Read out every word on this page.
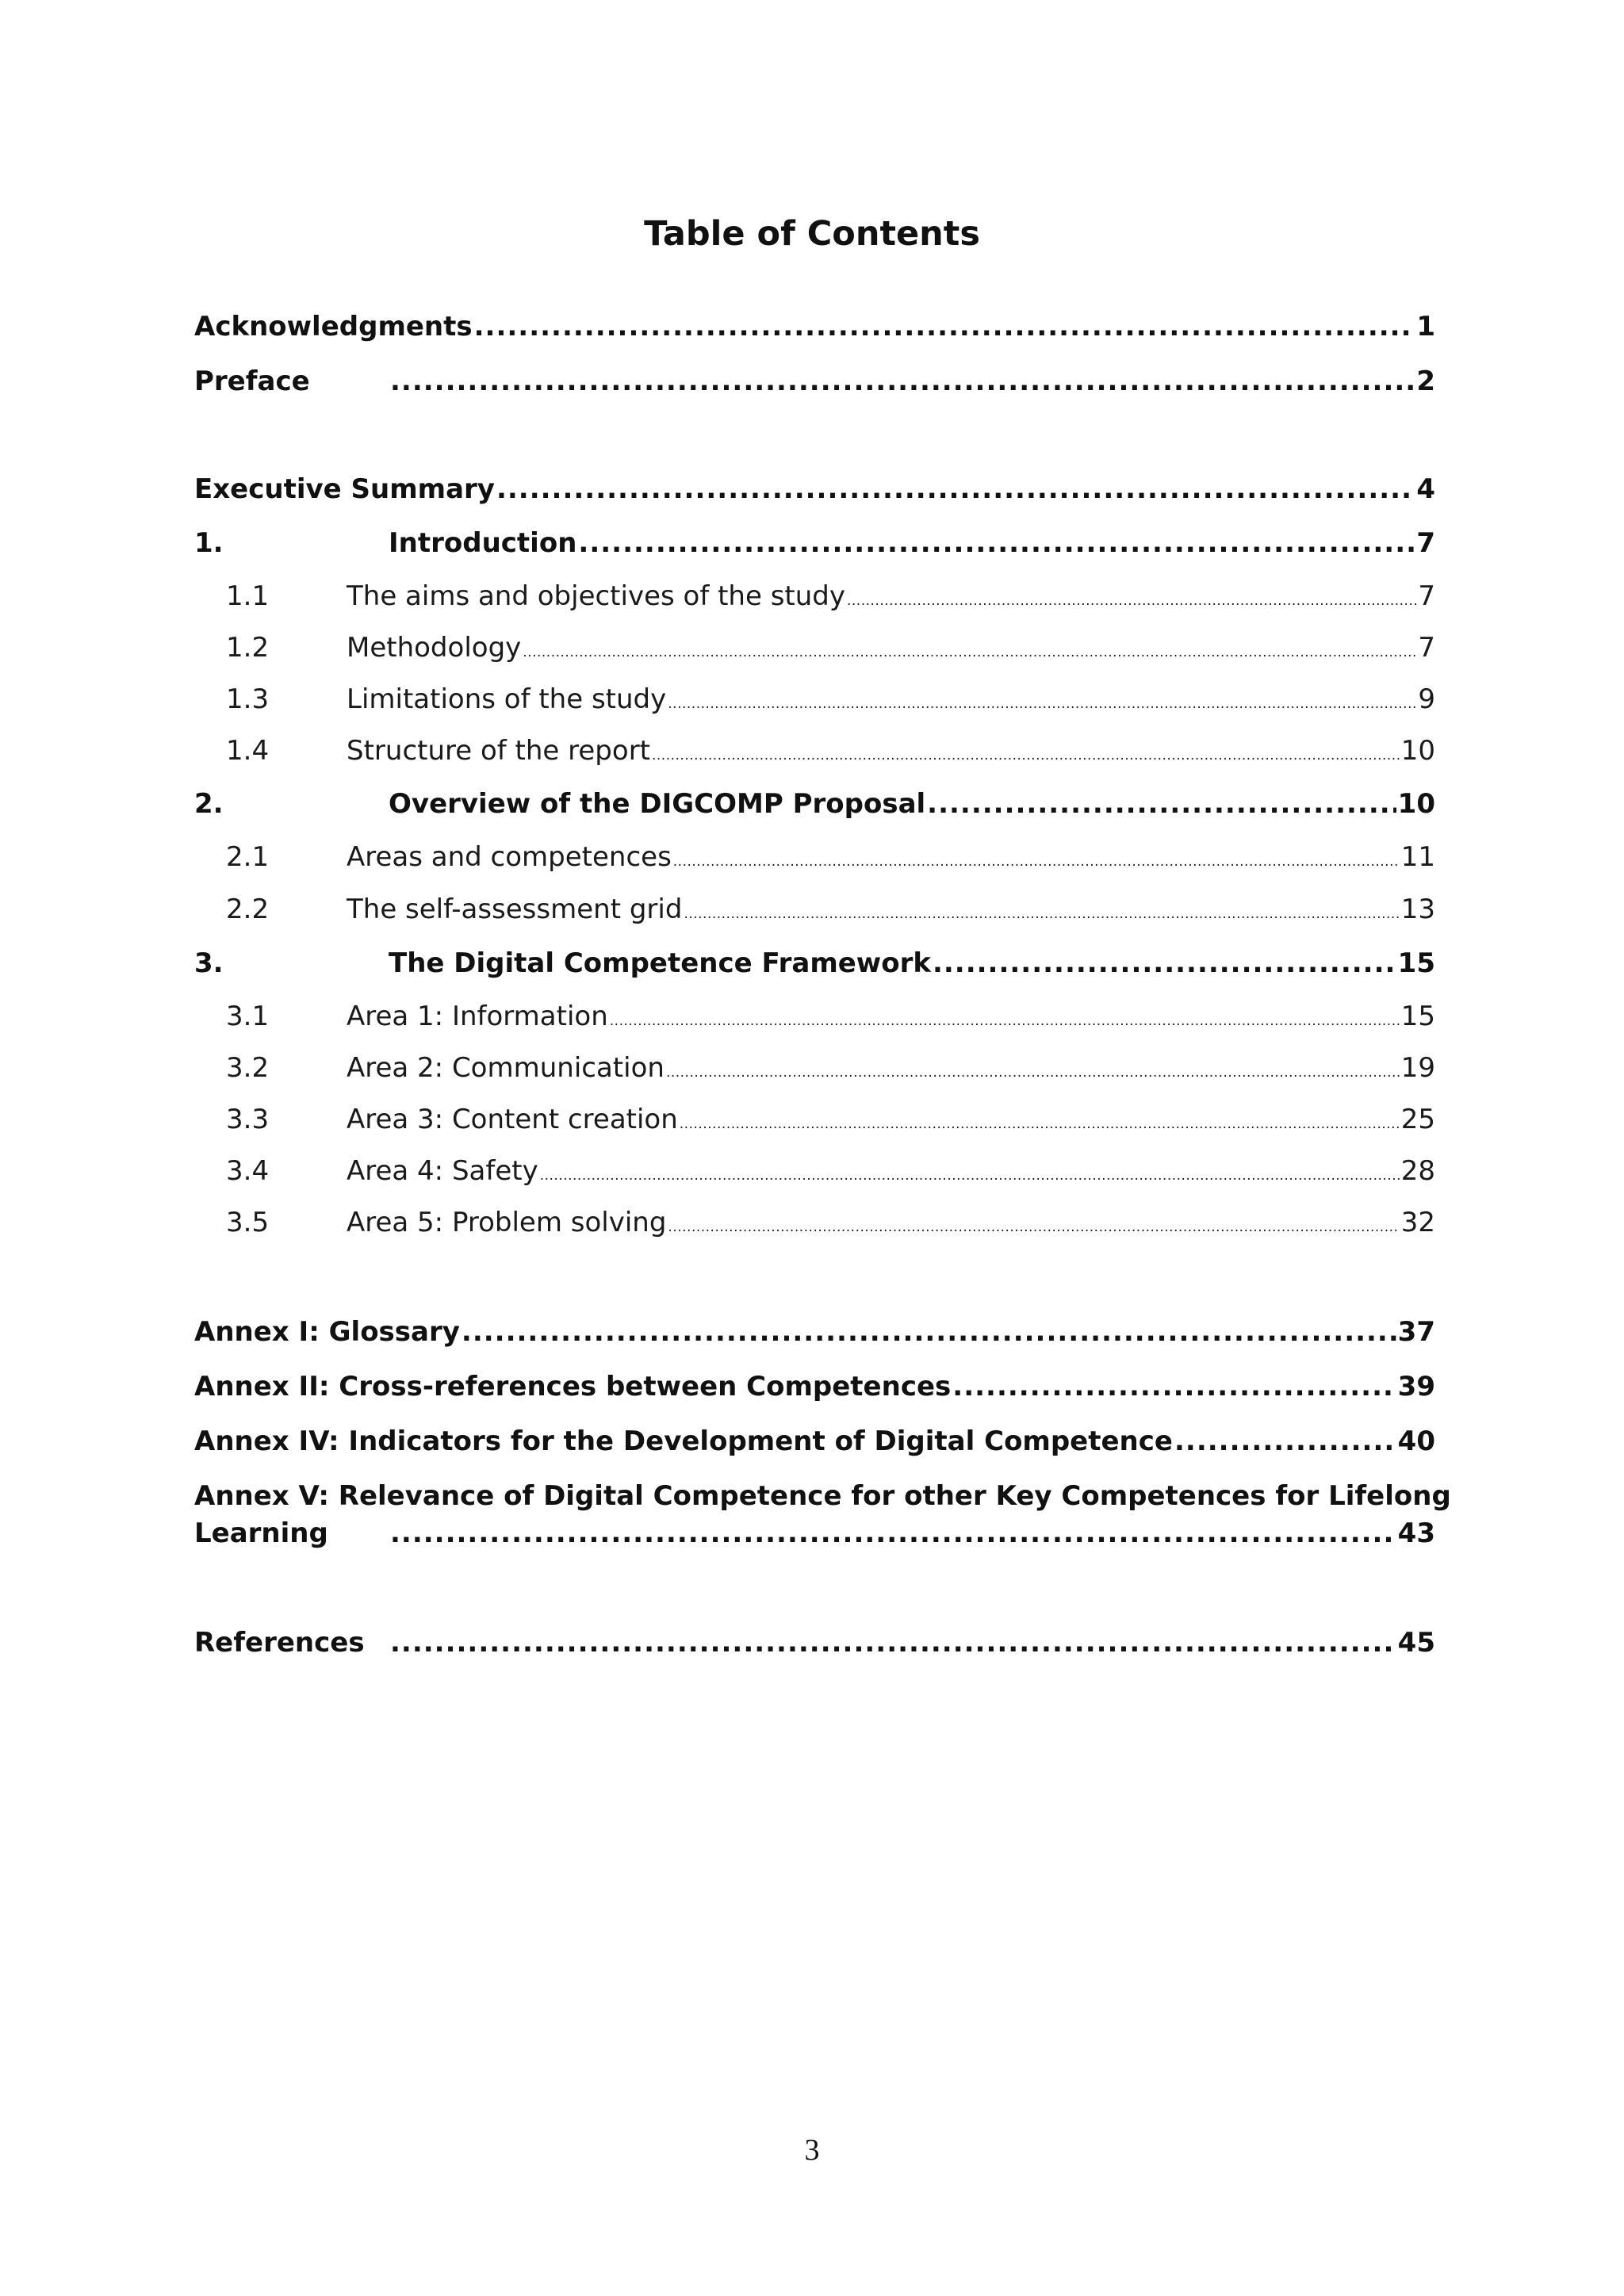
Table of Contents
Acknowledgments .....	1
Preface .....	2
Executive Summary .....	4
1.	Introduction .....	7
1.1	The aims and objectives of the study .....	7
1.2	Methodology .....	7
1.3	Limitations of the study .....	9
1.4	Structure of the report .....	10
2.	Overview of the DIGCOMP Proposal .....	10
2.1	Areas and competences .....	11
2.2	The self-assessment grid .....	13
3.	The Digital Competence Framework .....	15
3.1	Area 1: Information .....	15
3.2	Area 2: Communication .....	19
3.3	Area 3: Content creation .....	25
3.4	Area 4: Safety .....	28
3.5	Area 5: Problem solving .....	32
Annex I: Glossary .....	37
Annex II: Cross-references between Competences .....	39
Annex IV: Indicators for the Development of Digital Competence .....	40
Annex V: Relevance of Digital Competence for other Key Competences for Lifelong
Learning .....	43
References .....	45
3
